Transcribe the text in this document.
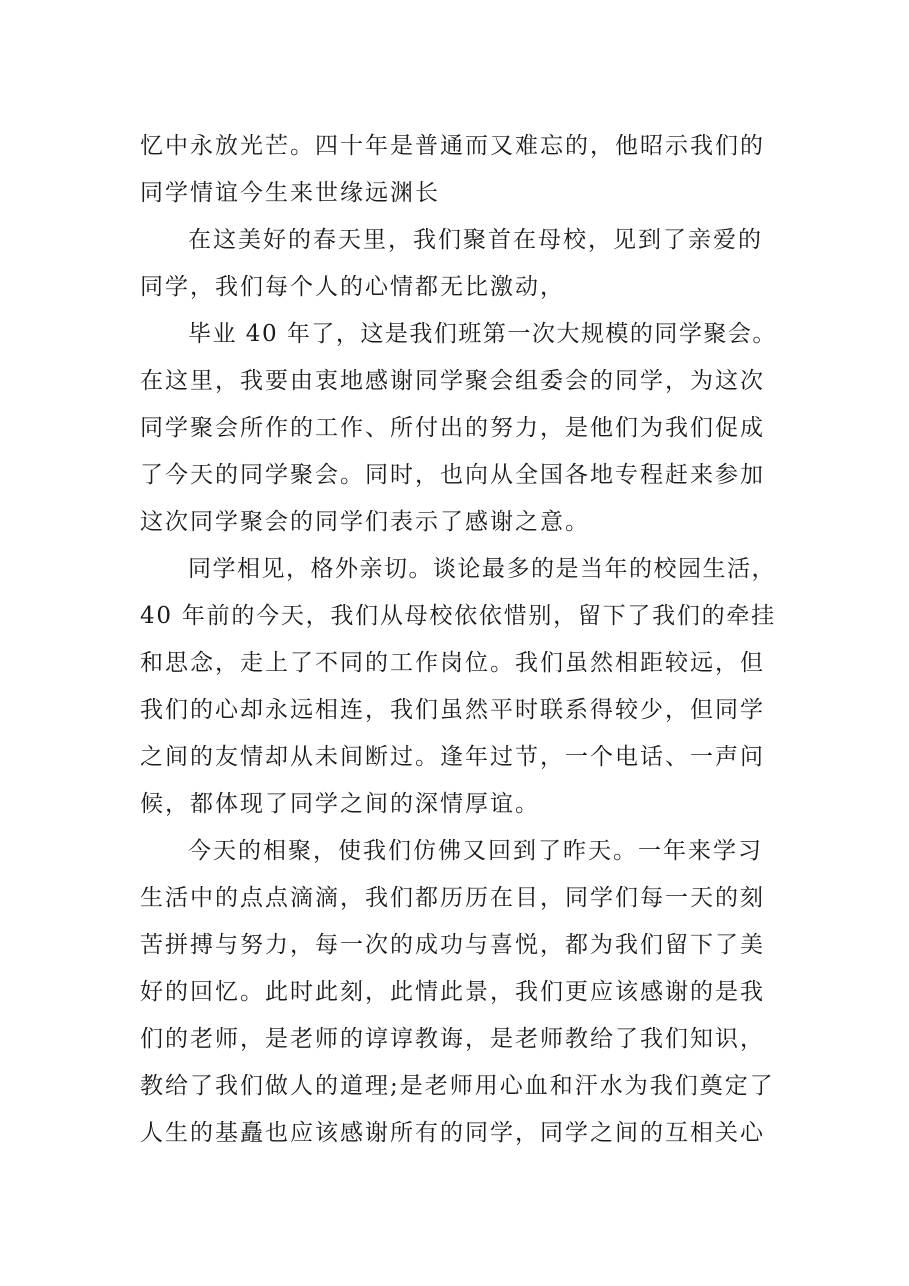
忆中永放光芒。四十年是普通而又难忘的，他昭示我们的
同学情谊今生来世缘远渊长
在这美好的春天里，我们聚首在母校，见到了亲爱的
同学，我们每个人的心情都无比激动，
毕业 40 年了，这是我们班第一次大规模的同学聚会。
在这里，我要由衷地感谢同学聚会组委会的同学，为这次
同学聚会所作的工作、所付出的努力，是他们为我们促成
了今天的同学聚会。同时，也向从全国各地专程赶来参加
这次同学聚会的同学们表示了感谢之意。
同学相见，格外亲切。谈论最多的是当年的校园生活，
40 年前的今天，我们从母校依依惜别，留下了我们的牵挂
和思念，走上了不同的工作岗位。我们虽然相距较远，但
我们的心却永远相连，我们虽然平时联系得较少，但同学
之间的友情却从未间断过。逢年过节，一个电话、一声问
候，都体现了同学之间的深情厚谊。
今天的相聚，使我们仿佛又回到了昨天。一年来学习
生活中的点点滴滴，我们都历历在目，同学们每一天的刻
苦拼搏与努力，每一次的成功与喜悦，都为我们留下了美
好的回忆。此时此刻，此情此景，我们更应该感谢的是我
们的老师，是老师的谆谆教诲，是老师教给了我们知识，
教给了我们做人的道理;是老师用心血和汗水为我们奠定了
人生的基矗也应该感谢所有的同学，同学之间的互相关心
